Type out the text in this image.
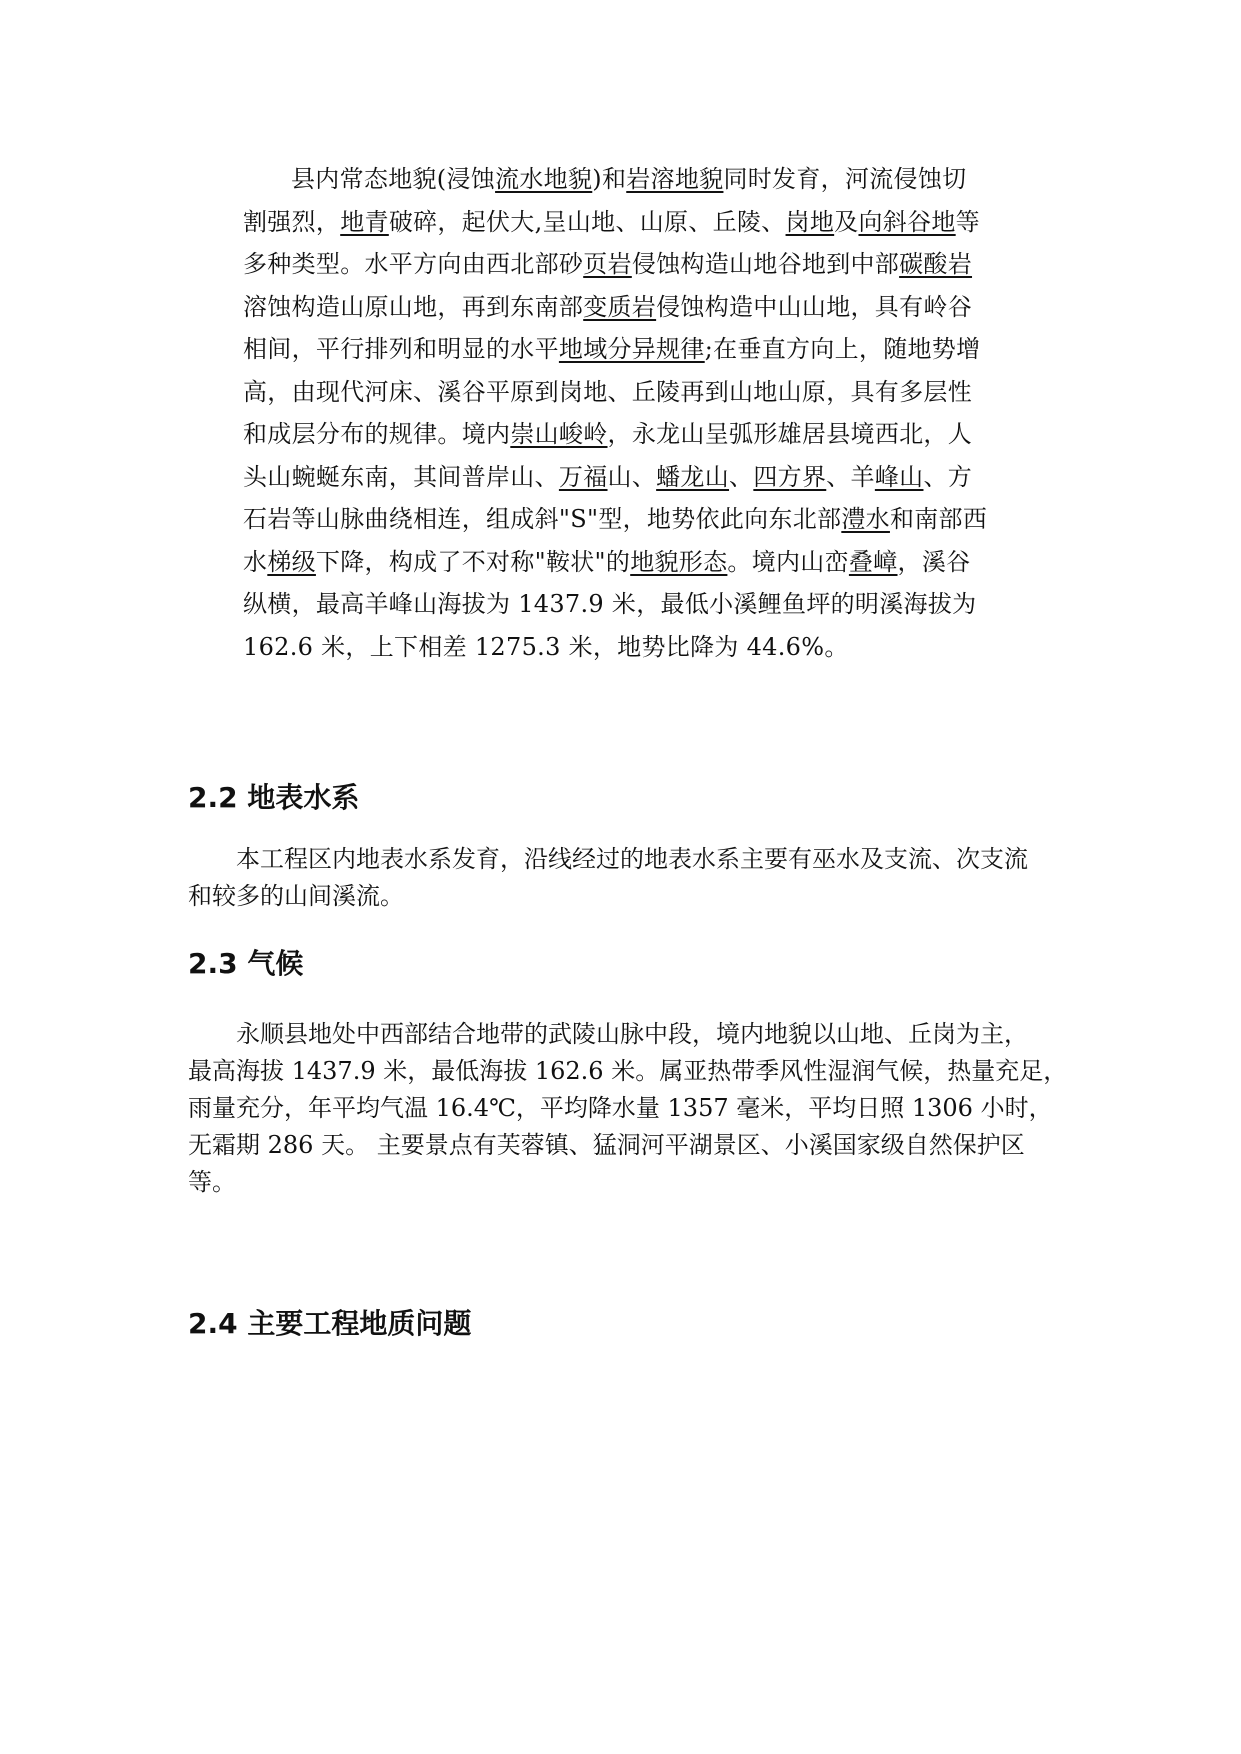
县内常态地貌(浸蚀流水地貌)和岩溶地貌同时发育，河流侵蚀切
割强烈，地青破碎，起伏大,呈山地、山原、丘陵、岗地及向斜谷地等
多种类型。水平方向由西北部砂页岩侵蚀构造山地谷地到中部碳酸岩
溶蚀构造山原山地，再到东南部变质岩侵蚀构造中山山地，具有岭谷
相间，平行排列和明显的水平地域分异规律;在垂直方向上，随地势增
高，由现代河床、溪谷平原到岗地、丘陵再到山地山原，具有多层性
和成层分布的规律。境内崇山峻岭，永龙山呈弧形雄居县境西北，人
头山蜿蜒东南，其间普岸山、万福山、蟠龙山、四方界、羊峰山、方
石岩等山脉曲绕相连，组成斜"S"型，地势依此向东北部澧水和南部西
水梯级下降，构成了不对称"鞍状"的地貌形态。境内山峦叠嶂，溪谷
纵横，最高羊峰山海拔为 1437.9 米，最低小溪鲤鱼坪的明溪海拔为
162.6 米，上下相差 1275.3 米，地势比降为 44.6%。
2.2 地表水系
本工程区内地表水系发育，沿线经过的地表水系主要有巫水及支流、次支流
和较多的山间溪流。
2.3 气候
永顺县地处中西部结合地带的武陵山脉中段，境内地貌以山地、丘岗为主，
最高海拔 1437.9 米，最低海拔 162.6 米。属亚热带季风性湿润气候，热量充足，
雨量充分，年平均气温 16.4℃，平均降水量 1357 毫米，平均日照 1306 小时，
无霜期 286 天。 主要景点有芙蓉镇、猛洞河平湖景区、小溪国家级自然保护区
等。
2.4 主要工程地质问题
